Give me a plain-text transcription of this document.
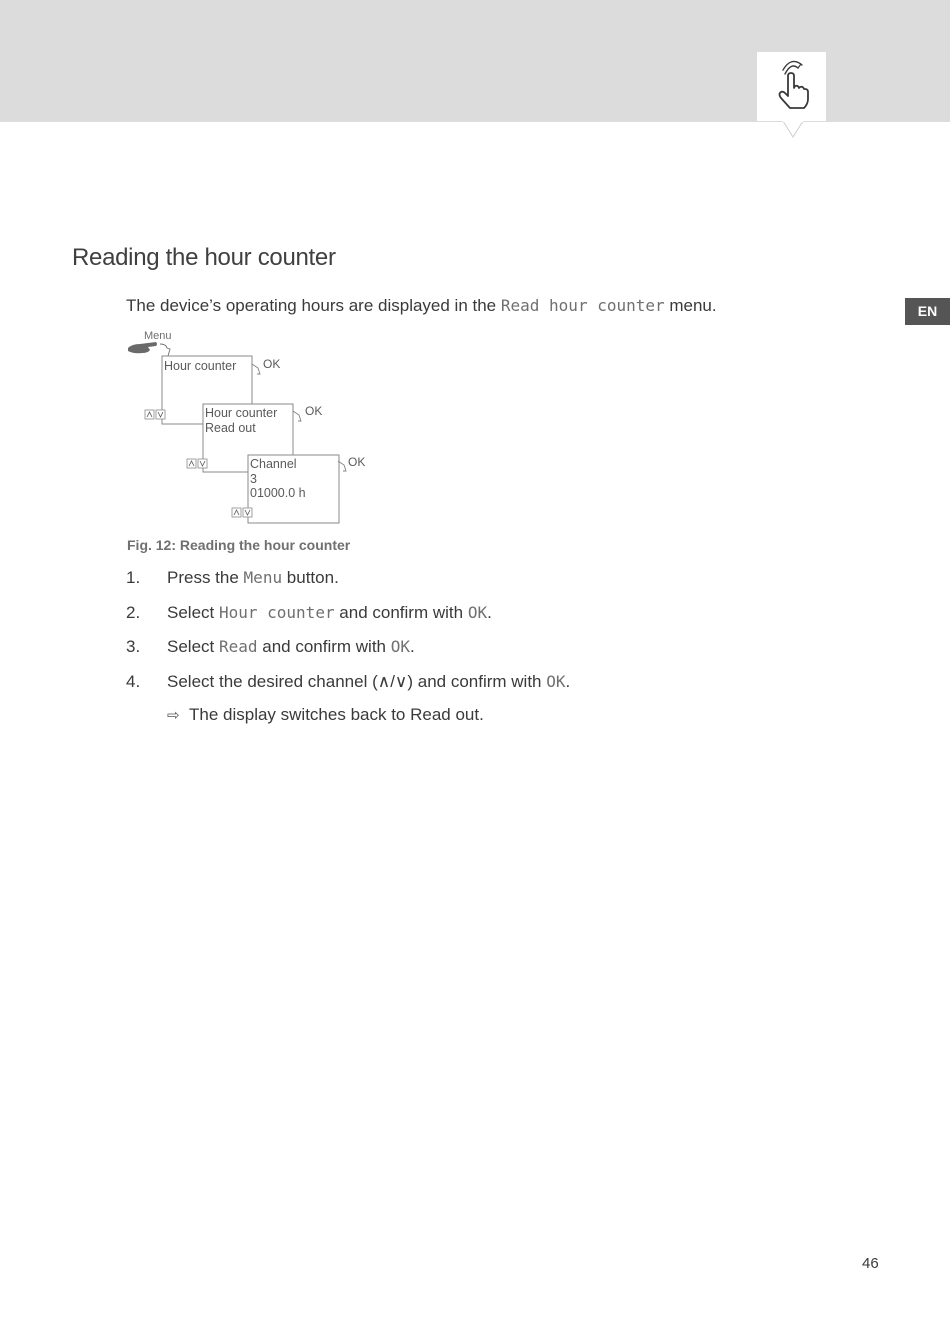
EN
Reading the hour counter

The device’s operating hours are displayed in the Read hour counter menu.

Menu
Hour counter OK
Hour counter
Read out
OK
Channel
3
01000.0 h
OK

Fig. 12: Reading the hour counter

1.	Press the Menu button.
2.	Select Hour counter and confirm with OK.
3.	Select Read and confirm with OK.
4.	Select the desired channel (∧/∨) and confirm with OK.
⇨ The display switches back to Read out.
46
